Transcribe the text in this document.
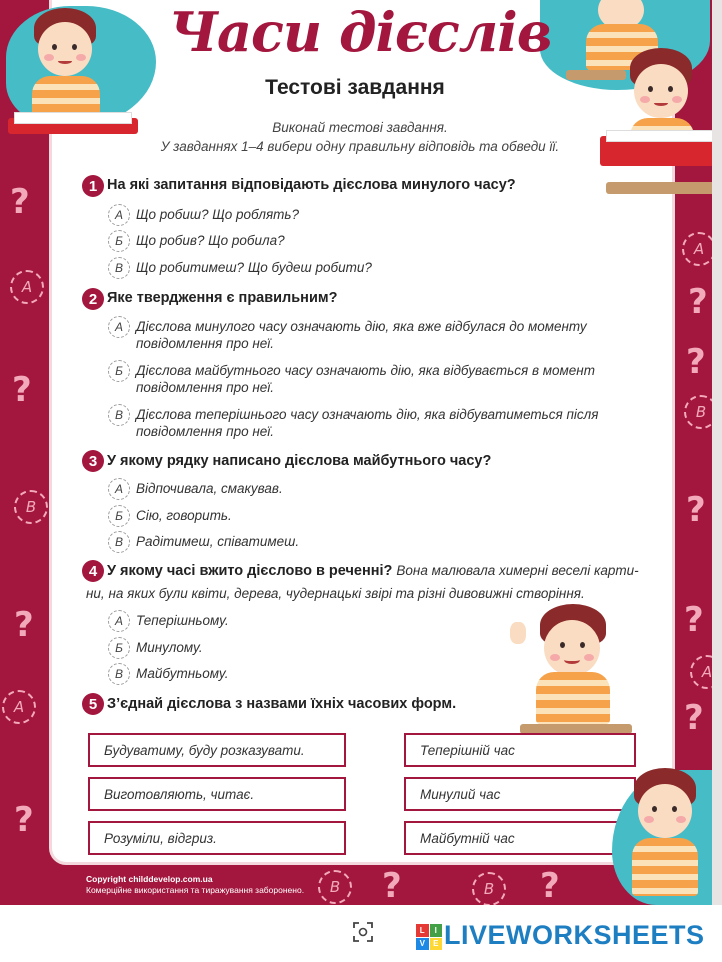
?
А
?
В
?
А
?
А
?
?
В
?
?
А
?
Часи дієслів
Тестові завдання
Виконай тестові завдання.
У завданнях 1–4 вибери одну правильну відповідь та обведи її.
1 На які запитання відповідають дієслова минулого часу?
А Що робиш? Що роблять?
Б Що робив? Що робила?
В Що робитимеш? Що будеш робити?
2 Яке твердження є правильним?
А Дієслова минулого часу означають дію, яка вже відбулася до моменту повідомлення про неї.
Б Дієслова майбутнього часу означають дію, яка відбувається в момент повідомлення про неї.
В Дієслова теперішнього часу означають дію, яка відбуватиметься після повідомлення про неї.
3 У якому рядку написано дієслова майбутнього часу?
А Відпочивала, смакував.
Б Сію, говорить.
В Радітимеш, співатимеш.
4 У якому часі вжито дієслово в реченні? Вона малювала химерні веселі карти-
ни, на яких були квіти, дерева, чудернацькі звірі та різні дивовижні створіння.
А Теперішньому.
Б Минулому.
В Майбутньому.
5 З’єднай дієслова з назвами їхніх часових форм.
Будуватиму, буду розказувати.
Виготовляють, читає.
Розуміли, відгриз.
Теперішній час
Минулий час
Майбутній час
В	?	В	?
Copyright childdevelop.com.ua
Комерційне використання та тиражування заборонено.
L	I
V	E LIVEWORKSHEETS
